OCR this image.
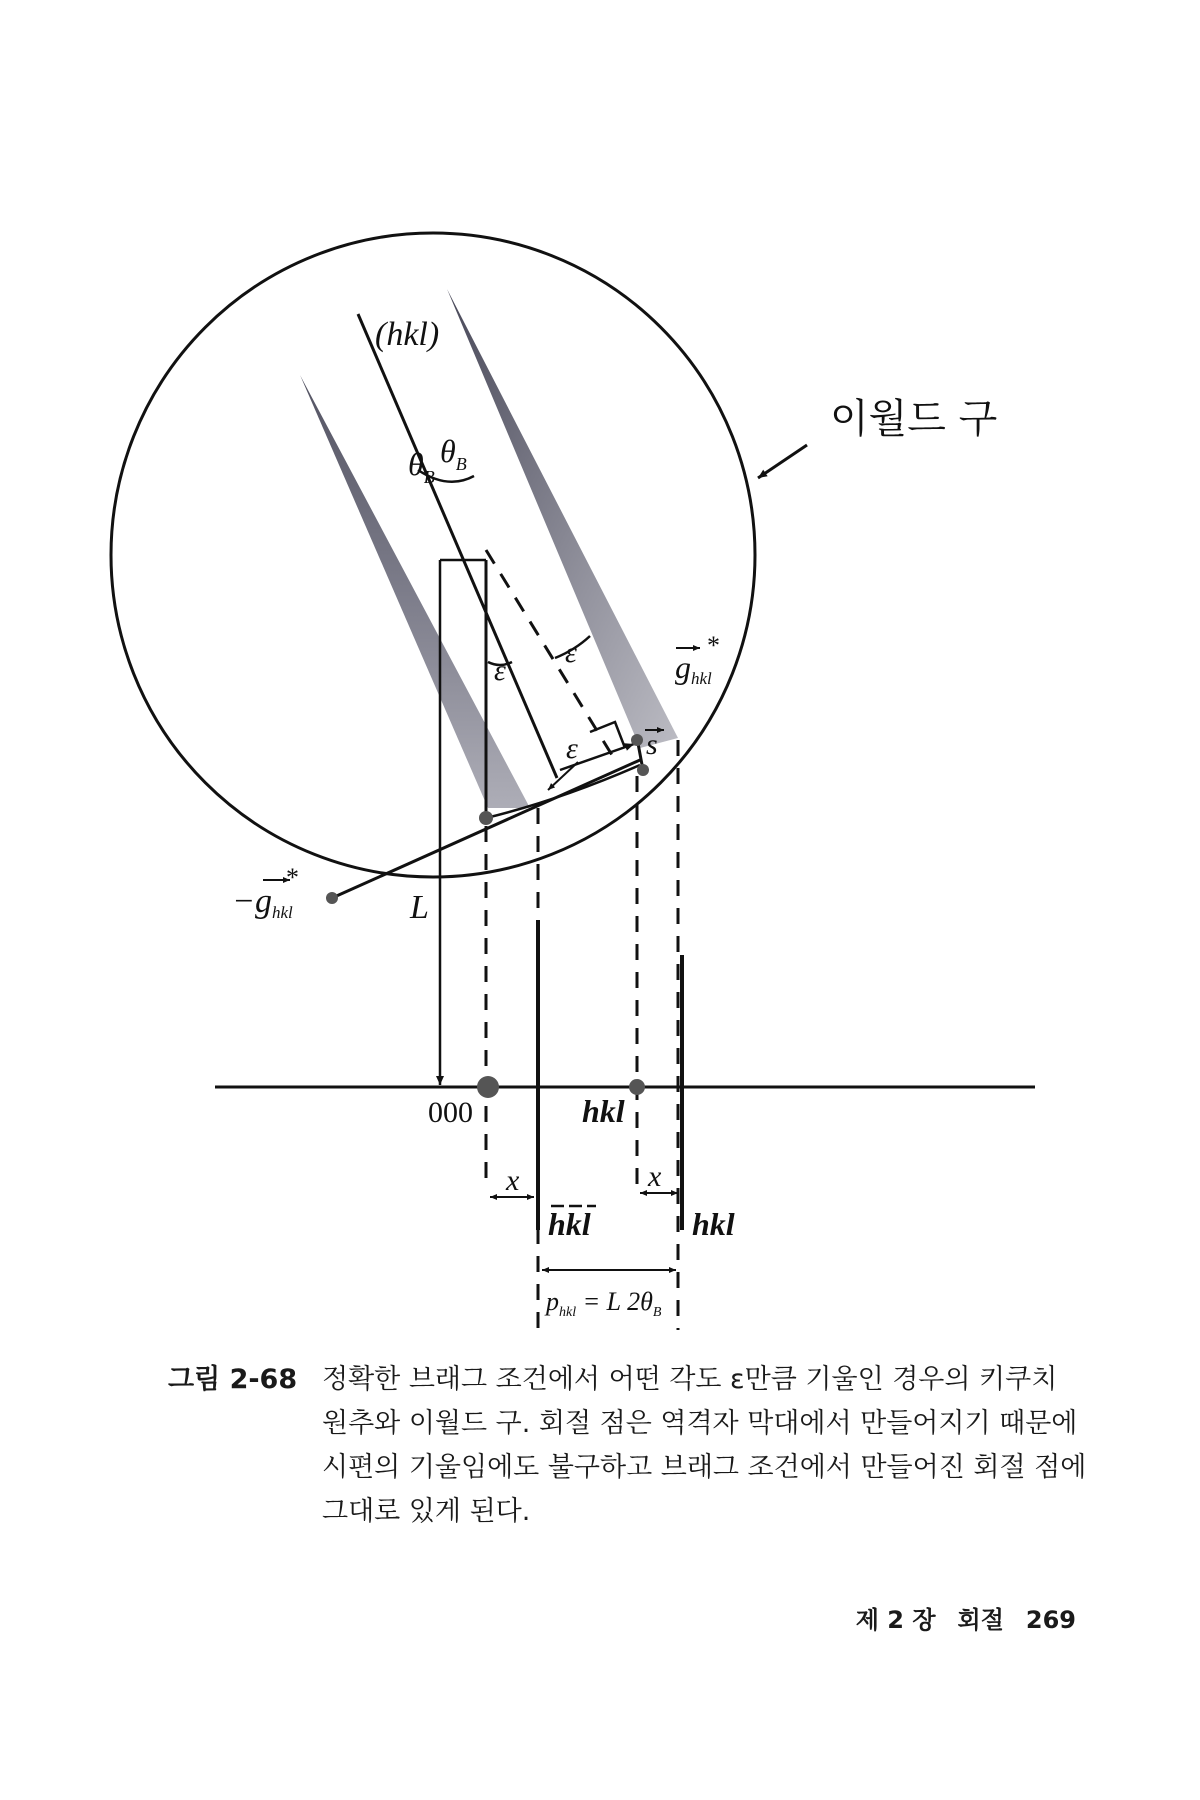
이월드 구
(hkl)
$\theta_B$
$\theta_B$
ε
ε
ε
ghkl*
−ghkl*
s
L
000	hkl
x	x
hkl	hkl
$p_{hkl} = L$ $2\theta_B$
그림 2-68 정확한 브래그 조건에서 어떤 각도 ε만큼 기울인 경우의 키쿠치 원추와 이월드 구. 회절 점은 역격자 막대에서 만들어지기 때문에 시편의 기울임에도 불구하고 브래그 조건에서 만들어진 회절 점에 그대로 있게 된다.
제 2 장 회절 269
